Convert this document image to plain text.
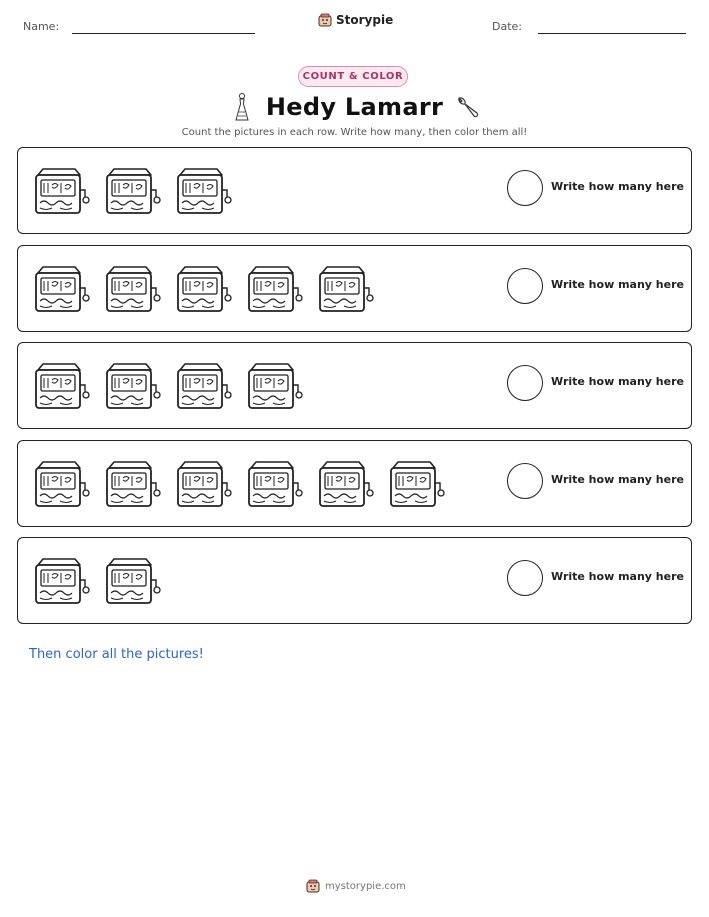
Name:	Storypie	Date:
COUNT & COLOR
Hedy Lamarr
Count the pictures in each row. Write how many, then color them all!
Write how many here
Write how many here
Write how many here
Write how many here
Write how many here
Then color all the pictures!
mystorypie.com
